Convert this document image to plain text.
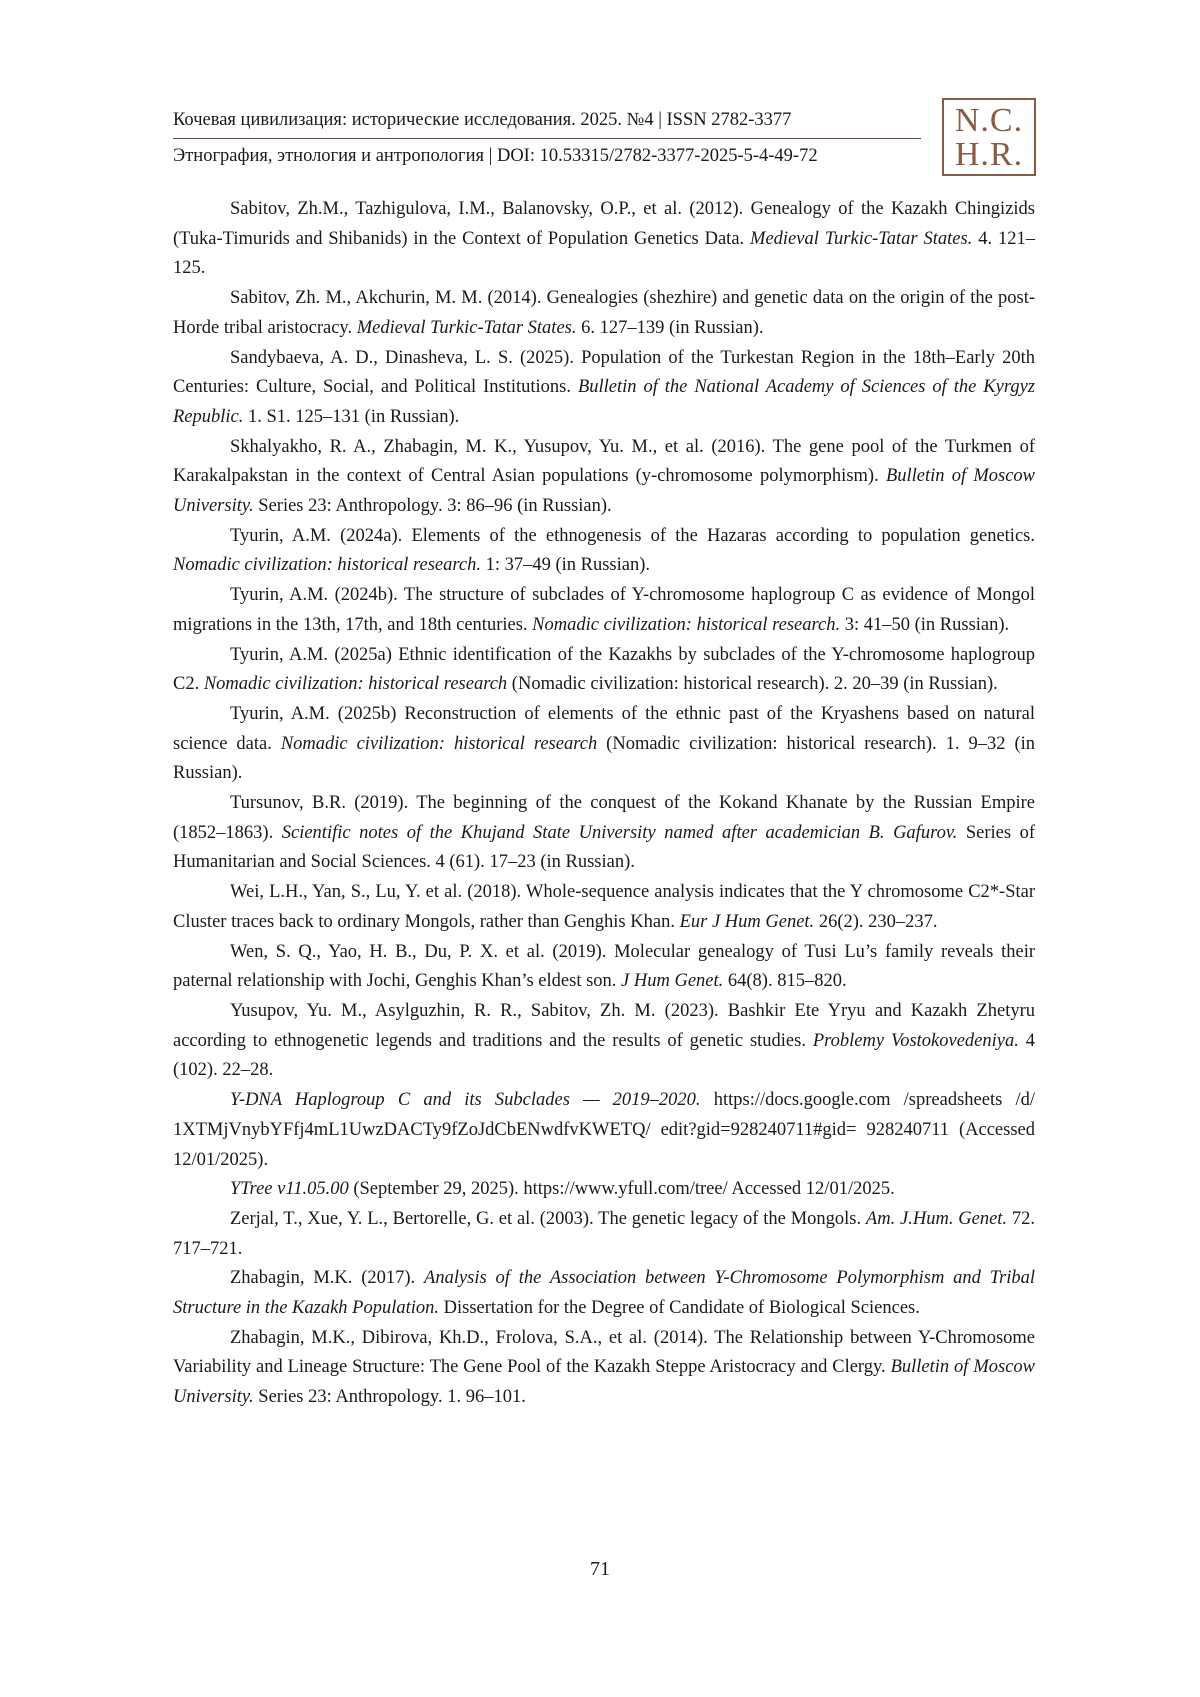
Кочевая цивилизация: исторические исследования. 2025. №4 | ISSN 2782-3377
Этнография, этнология и антропология | DOI: 10.53315/2782-3377-2025-5-4-49-72
N.C.
H.R.

Sabitov, Zh.M., Tazhigulova, I.M., Balanovsky, O.P., et al. (2012). Genealogy of the Kazakh Chingizids (Tuka-Timurids and Shibanids) in the Context of Population Genetics Data. Medieval Turkic-Tatar States. 4. 121–125.

Sabitov, Zh. M., Akchurin, M. M. (2014). Genealogies (shezhire) and genetic data on the origin of the post-Horde tribal aristocracy. Medieval Turkic-Tatar States. 6. 127–139 (in Russian).

Sandybaeva, A. D., Dinasheva, L. S. (2025). Population of the Turkestan Region in the 18th–Early 20th Centuries: Culture, Social, and Political Institutions. Bulletin of the National Academy of Sciences of the Kyrgyz Republic. 1. S1. 125–131 (in Russian).

Skhalyakho, R. A., Zhabagin, M. K., Yusupov, Yu. M., et al. (2016). The gene pool of the Turkmen of Karakalpakstan in the context of Central Asian populations (y-chromosome polymorphism). Bulletin of Moscow University. Series 23: Anthropology. 3: 86–96 (in Russian).

Tyurin, A.M. (2024a). Elements of the ethnogenesis of the Hazaras according to population genetics. Nomadic civilization: historical research. 1: 37–49 (in Russian).

Tyurin, A.M. (2024b). The structure of subclades of Y-chromosome haplogroup C as evidence of Mongol migrations in the 13th, 17th, and 18th centuries. Nomadic civilization: historical research. 3: 41–50 (in Russian).

Tyurin, A.M. (2025a) Ethnic identification of the Kazakhs by subclades of the Y-chromosome haplogroup C2. Nomadic civilization: historical research (Nomadic civilization: historical research). 2. 20–39 (in Russian).

Tyurin, A.M. (2025b) Reconstruction of elements of the ethnic past of the Kryashens based on natural science data. Nomadic civilization: historical research (Nomadic civilization: historical research). 1. 9–32 (in Russian).

Tursunov, B.R. (2019). The beginning of the conquest of the Kokand Khanate by the Russian Empire (1852–1863). Scientific notes of the Khujand State University named after academician B. Gafurov. Series of Humanitarian and Social Sciences. 4 (61). 17–23 (in Russian).

Wei, L.H., Yan, S., Lu, Y. et al. (2018). Whole-sequence analysis indicates that the Y chromosome C2*-Star Cluster traces back to ordinary Mongols, rather than Genghis Khan. Eur J Hum Genet. 26(2). 230–237.

Wen, S. Q., Yao, H. B., Du, P. X. et al. (2019). Molecular genealogy of Tusi Lu’s family reveals their paternal relationship with Jochi, Genghis Khan’s eldest son. J Hum Genet. 64(8). 815–820.

Yusupov, Yu. M., Asylguzhin, R. R., Sabitov, Zh. M. (2023). Bashkir Ete Yryu and Kazakh Zhetyru according to ethnogenetic legends and traditions and the results of genetic studies. Problemy Vostokovedeniya. 4 (102). 22–28.

Y-DNA Haplogroup C and its Subclades — 2019–2020. https://docs.google.com /spreadsheets /d/ 1XTMjVnybYFfj4mL1UwzDACTy9fZoJdCbENwdfvKWETQ/ edit?gid=928240711#gid= 928240711 (Accessed 12/01/2025).

YTree v11.05.00 (September 29, 2025). https://www.yfull.com/tree/ Accessed 12/01/2025.

Zerjal, T., Xue, Y. L., Bertorelle, G. et al. (2003). The genetic legacy of the Mongols. Am. J.Hum. Genet. 72. 717–721.

Zhabagin, M.K. (2017). Analysis of the Association between Y-Chromosome Polymorphism and Tribal Structure in the Kazakh Population. Dissertation for the Degree of Candidate of Biological Sciences.

Zhabagin, M.K., Dibirova, Kh.D., Frolova, S.A., et al. (2014). The Relationship between Y-Chromosome Variability and Lineage Structure: The Gene Pool of the Kazakh Steppe Aristocracy and Clergy. Bulletin of Moscow University. Series 23: Anthropology. 1. 96–101.

71
